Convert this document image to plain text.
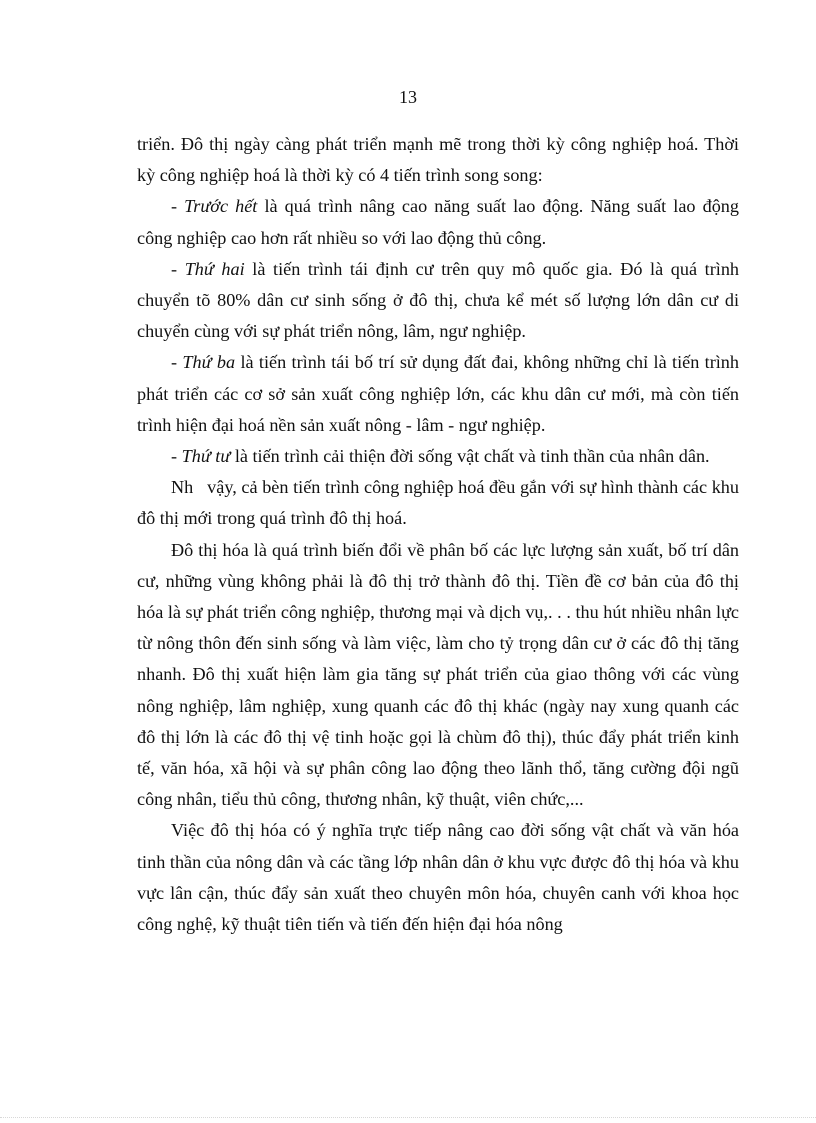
13

triển. Đô thị ngày càng phát triển mạnh mẽ trong thời kỳ công nghiệp hoá. Thời kỳ công nghiệp hoá là thời kỳ có 4 tiến trình song song:

- Trước hết là quá trình nâng cao năng suất lao động. Năng suất lao động công nghiệp cao hơn rất nhiều so với lao động thủ công.

- Thứ hai là tiến trình tái định cư trên quy mô quốc gia. Đó là quá trình chuyển tõ 80% dân cư sinh sống ở đô thị, chưa kể mét số lượng lớn dân cư di chuyển cùng với sự phát triển nông, lâm, ngư nghiệp.

- Thứ ba là tiến trình tái bố trí sử dụng đất đai, không những chỉ là tiến trình phát triển các cơ sở sản xuất công nghiệp lớn, các khu dân cư mới, mà còn tiến trình hiện đại hoá nền sản xuất nông - lâm - ngư nghiệp.

- Thứ tư là tiến trình cải thiện đời sống vật chất và tinh thần của nhân dân.

Nh   vậy, cả bèn tiến trình công nghiệp hoá đều gắn với sự hình thành các khu đô thị mới trong quá trình đô thị hoá.

Đô thị hóa là quá trình biến đổi về phân bố các lực lượng sản xuất, bố trí dân cư, những vùng không phải là đô thị trở thành đô thị. Tiền đề cơ bản của đô thị hóa là sự phát triển công nghiệp, thương mại và dịch vụ,. . . thu hút nhiều nhân lực từ nông thôn đến sinh sống và làm việc, làm cho tỷ trọng dân cư ở các đô thị tăng nhanh. Đô thị xuất hiện làm gia tăng sự phát triển của giao thông với các vùng nông nghiệp, lâm nghiệp, xung quanh các đô thị khác (ngày nay xung quanh các đô thị lớn là các đô thị vệ tinh hoặc gọi là chùm đô thị), thúc đẩy phát triển kinh tế, văn hóa, xã hội và sự phân công lao động theo lãnh thổ, tăng cường đội ngũ công nhân, tiểu thủ công, thương nhân, kỹ thuật, viên chức,...

Việc đô thị hóa có ý nghĩa trực tiếp nâng cao đời sống vật chất và văn hóa tinh thần của nông dân và các tầng lớp nhân dân ở khu vực được đô thị hóa và khu vực lân cận, thúc đẩy sản xuất theo chuyên môn hóa, chuyên canh với khoa học công nghệ, kỹ thuật tiên tiến và tiến đến hiện đại hóa nông
